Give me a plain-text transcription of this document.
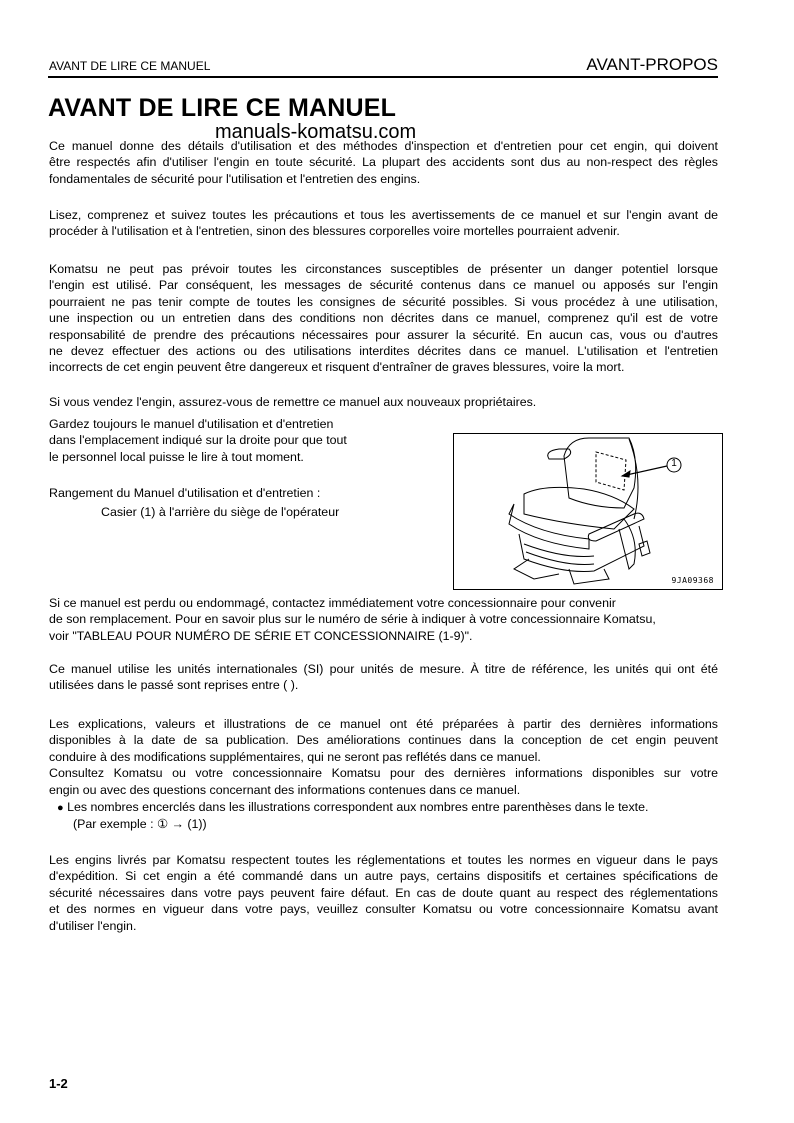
AVANT DE LIRE CE MANUEL	AVANT-PROPOS
AVANT DE LIRE CE MANUEL
manuals-komatsu.com
Ce manuel donne des détails d'utilisation et des méthodes d'inspection et d'entretien pour cet engin, qui doivent
être respectés afin d'utiliser l'engin en toute sécurité. La plupart des accidents sont dus au non-respect des règles
fondamentales de sécurité pour l'utilisation et l'entretien des engins.
Lisez, comprenez et suivez toutes les précautions et tous les avertissements de ce manuel et sur l'engin avant de
procéder à l'utilisation et à l'entretien, sinon des blessures corporelles voire mortelles pourraient advenir.
Komatsu ne peut pas prévoir toutes les circonstances susceptibles de présenter un danger potentiel lorsque
l'engin est utilisé. Par conséquent, les messages de sécurité contenus dans ce manuel ou apposés sur l'engin
pourraient ne pas tenir compte de toutes les consignes de sécurité possibles. Si vous procédez à une utilisation,
une inspection ou un entretien dans des conditions non décrites dans ce manuel, comprenez qu'il est de votre
responsabilité de prendre des précautions nécessaires pour assurer la sécurité. En aucun cas, vous ou d'autres
ne devez effectuer des actions ou des utilisations interdites décrites dans ce manuel. L'utilisation et l'entretien
incorrects de cet engin peuvent être dangereux et risquent d'entraîner de graves blessures, voire la mort.
Si vous vendez l'engin, assurez-vous de remettre ce manuel aux nouveaux propriétaires.
Gardez toujours le manuel d'utilisation et d'entretien
dans l'emplacement indiqué sur la droite pour que tout
le personnel local puisse le lire à tout moment.
Rangement du Manuel d'utilisation et d'entretien :
Casier (1) à l'arrière du siège de l'opérateur
1
9JA09368
Si ce manuel est perdu ou endommagé, contactez immédiatement votre concessionnaire pour convenir
de son remplacement. Pour en savoir plus sur le numéro de série à indiquer à votre concessionnaire Komatsu,
voir "TABLEAU POUR NUMÉRO DE SÉRIE ET CONCESSIONNAIRE (1-9)".
Ce manuel utilise les unités internationales (SI) pour unités de mesure. À titre de référence, les unités qui ont été
utilisées dans le passé sont reprises entre ( ).
Les explications, valeurs et illustrations de ce manuel ont été préparées à partir des dernières informations
disponibles à la date de sa publication. Des améliorations continues dans la conception de cet engin peuvent
conduire à des modifications supplémentaires, qui ne seront pas reflétés dans ce manuel.
Consultez Komatsu ou votre concessionnaire Komatsu pour des dernières informations disponibles sur votre
engin ou avec des questions concernant des informations contenues dans ce manuel.
● Les nombres encerclés dans les illustrations correspondent aux nombres entre parenthèses dans le texte.
(Par exemple : ① → (1))
Les engins livrés par Komatsu respectent toutes les réglementations et toutes les normes en vigueur dans le pays
d'expédition. Si cet engin a été commandé dans un autre pays, certains dispositifs et certaines spécifications de
sécurité nécessaires dans votre pays peuvent faire défaut. En cas de doute quant au respect des réglementations
et des normes en vigueur dans votre pays, veuillez consulter Komatsu ou votre concessionnaire Komatsu avant
d'utiliser l'engin.
1-2
